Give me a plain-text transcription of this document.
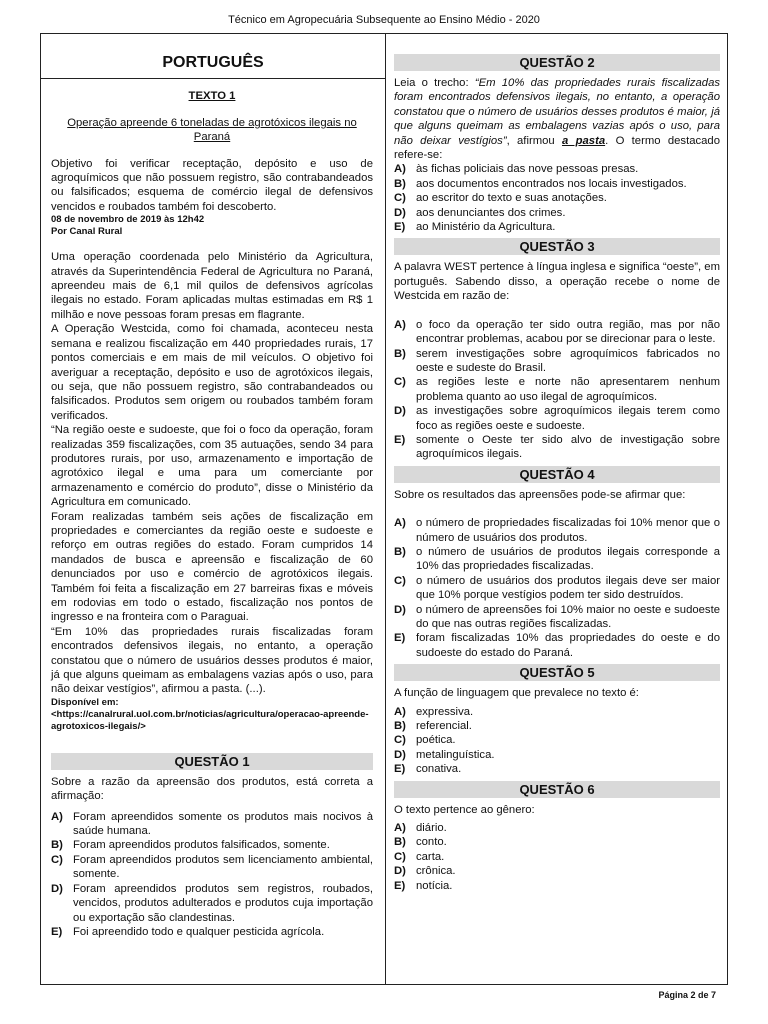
Técnico em Agropecuária Subsequente ao Ensino Médio - 2020
PORTUGUÊS
TEXTO 1
Operação apreende 6 toneladas de agrotóxicos ilegais no Paraná

Objetivo foi verificar receptação, depósito e uso de agroquímicos que não possuem registro, são contrabandeados ou falsificados; esquema de comércio ilegal de defensivos vencidos e roubados também foi descoberto.

08 de novembro de 2019 às 12h42
Por Canal Rural

Uma operação coordenada pelo Ministério da Agricultura, através da Superintendência Federal de Agricultura no Paraná, apreendeu mais de 6,1 mil quilos de defensivos agrícolas ilegais no estado. Foram aplicadas multas estimadas em R$ 1 milhão e nove pessoas foram presas em flagrante.

A Operação Westcida, como foi chamada, aconteceu nesta semana e realizou fiscalização em 440 propriedades rurais, 17 pontos comerciais e em mais de mil veículos. O objetivo foi averiguar a receptação, depósito e uso de agrotóxicos ilegais, ou seja, que não possuem registro, são contrabandeados ou falsificados. Produtos sem origem ou roubados também foram verificados.

“Na região oeste e sudoeste, que foi o foco da operação, foram realizadas 359 fiscalizações, com 35 autuações, sendo 34 para produtores rurais, por uso, armazenamento e importação de agrotóxico ilegal e uma para um comerciante por armazenamento e comércio do produto”, disse o Ministério da Agricultura em comunicado.

Foram realizadas também seis ações de fiscalização em propriedades e comerciantes da região oeste e sudoeste e reforço em outras regiões do estado. Foram cumpridos 14 mandados de busca e apreensão e fiscalização de 60 denunciados por uso e comércio de agrotóxicos ilegais. Também foi feita a fiscalização em 27 barreiras fixas e móveis em rodovias em todo o estado, fiscalização nos pontos de ingresso e na fronteira com o Paraguai.

“Em 10% das propriedades rurais fiscalizadas foram encontrados defensivos ilegais, no entanto, a operação constatou que o número de usuários desses produtos é maior, já que alguns queimam as embalagens vazias após o uso, para não deixar vestígios”, afirmou a pasta. (...).

Disponível em: <https://canalrural.uol.com.br/noticias/agricultura/operacao-apreende-agrotoxicos-ilegais/>
QUESTÃO 1

Sobre a razão da apreensão dos produtos, está correta a afirmação:

A) Foram apreendidos somente os produtos mais nocivos à saúde humana.
B) Foram apreendidos produtos falsificados, somente.
C) Foram apreendidos produtos sem licenciamento ambiental, somente.
D) Foram apreendidos produtos sem registros, roubados, vencidos, produtos adulterados e produtos cuja importação ou exportação são clandestinas.
E) Foi apreendido todo e qualquer pesticida agrícola.
QUESTÃO 2

Leia o trecho: “Em 10% das propriedades rurais fiscalizadas foram encontrados defensivos ilegais, no entanto, a operação constatou que o número de usuários desses produtos é maior, já que alguns queimam as embalagens vazias após o uso, para não deixar vestígios”, afirmou a pasta. O termo destacado refere-se:

A) às fichas policiais das nove pessoas presas.
B) aos documentos encontrados nos locais investigados.
C) ao escritor do texto e suas anotações.
D) aos denunciantes dos crimes.
E) ao Ministério da Agricultura.
QUESTÃO 3

A palavra WEST pertence à língua inglesa e significa “oeste”, em português. Sabendo disso, a operação recebe o nome de Westcida em razão de:

A) o foco da operação ter sido outra região, mas por não encontrar problemas, acabou por se direcionar para o leste.
B) serem investigações sobre agroquímicos fabricados no oeste e sudeste do Brasil.
C) as regiões leste e norte não apresentarem nenhum problema quanto ao uso ilegal de agroquímicos.
D) as investigações sobre agroquímicos ilegais terem como foco as regiões oeste e sudoeste.
E) somente o Oeste ter sido alvo de investigação sobre agroquímicos ilegais.
QUESTÃO 4

Sobre os resultados das apreensões pode-se afirmar que:

A) o número de propriedades fiscalizadas foi 10% menor que o número de usuários dos produtos.
B) o número de usuários de produtos ilegais corresponde a 10% das propriedades fiscalizadas.
C) o número de usuários dos produtos ilegais deve ser maior que 10% porque vestígios podem ter sido destruídos.
D) o número de apreensões foi 10% maior no oeste e sudoeste do que nas outras regiões fiscalizadas.
E) foram fiscalizadas 10% das propriedades do oeste e do sudoeste do estado do Paraná.
QUESTÃO 5

A função de linguagem que prevalece no texto é:

A) expressiva.
B) referencial.
C) poética.
D) metalinguística.
E) conativa.
QUESTÃO 6

O texto pertence ao gênero:

A) diário.
B) conto.
C) carta.
D) crônica.
E) notícia.
Página 2 de 7
